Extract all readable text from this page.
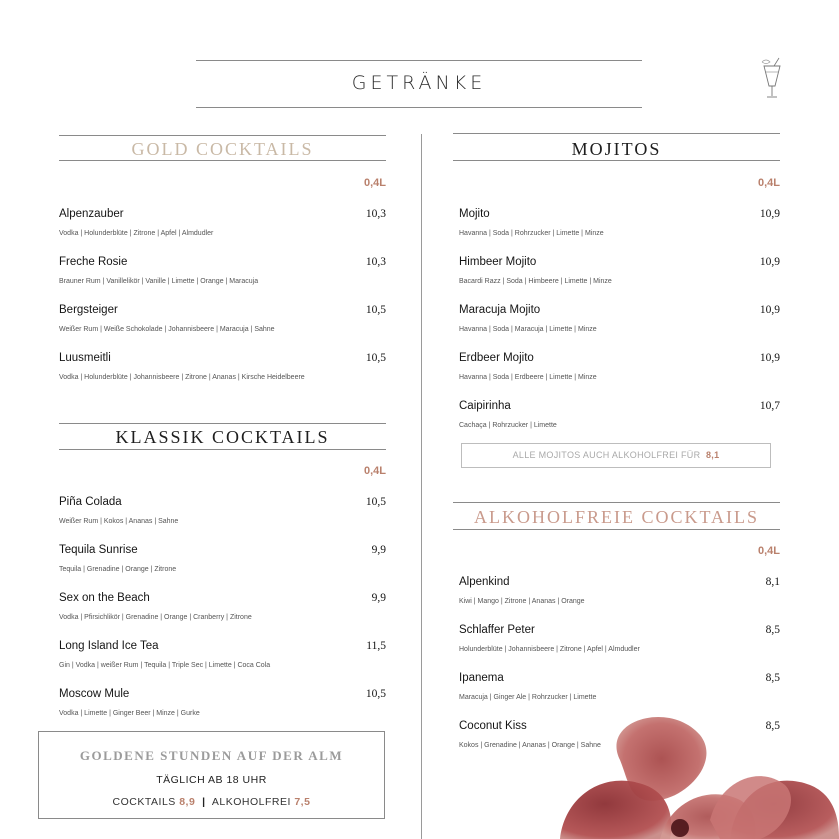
GETRÄNKE
GOLD COCKTAILS
0,4L
Alpenzauber	10,3
Vodka | Holunderblüte | Zitrone | Apfel | Almdudler
Freche Rosie	10,3
Brauner Rum | Vanillelikör | Vanille | Limette | Orange | Maracuja
Bergsteiger	10,5
Weißer Rum | Weiße Schokolade | Johannisbeere | Maracuja | Sahne
Luusmeitli	10,5
Vodka | Holunderblüte | Johannisbeere | Zitrone | Ananas | Kirsche Heidelbeere
KLASSIK COCKTAILS
0,4L
Piña Colada	10,5
Weißer Rum | Kokos | Ananas | Sahne
Tequila Sunrise	9,9
Tequila | Grenadine | Orange | Zitrone
Sex on the Beach	9,9
Vodka | Pfirsichlikör | Grenadine | Orange | Cranberry | Zitrone
Long Island Ice Tea	11,5
Gin | Vodka | weißer Rum | Tequila | Triple Sec | Limette | Coca Cola
Moscow Mule	10,5
Vodka | Limette | Ginger Beer | Minze | Gurke
GOLDENE STUNDEN AUF DER ALM
TÄGLICH AB 18 UHR
COCKTAILS 8,9 | ALKOHOLFREI 7,5
MOJITOS
0,4L
Mojito	10,9
Havanna | Soda | Rohrzucker | Limette | Minze
Himbeer Mojito	10,9
Bacardi Razz | Soda | Himbeere | Limette | Minze
Maracuja Mojito	10,9
Havanna | Soda | Maracuja | Limette | Minze
Erdbeer Mojito	10,9
Havanna | Soda | Erdbeere | Limette | Minze
Caipirinha	10,7
Cachaça | Rohrzucker | Limette
ALLE MOJITOS AUCH ALKOHOLFREI FÜR 8,1
ALKOHOLFREIE COCKTAILS
0,4L
Alpenkind	8,1
Kiwi | Mango | Zitrone | Ananas | Orange
Schlaffer Peter	8,5
Holunderblüte | Johannisbeere | Zitrone | Apfel | Almdudler
Ipanema	8,5
Maracuja | Ginger Ale | Rohrzucker | Limette
Coconut Kiss	8,5
Kokos | Grenadine | Ananas | Orange | Sahne
